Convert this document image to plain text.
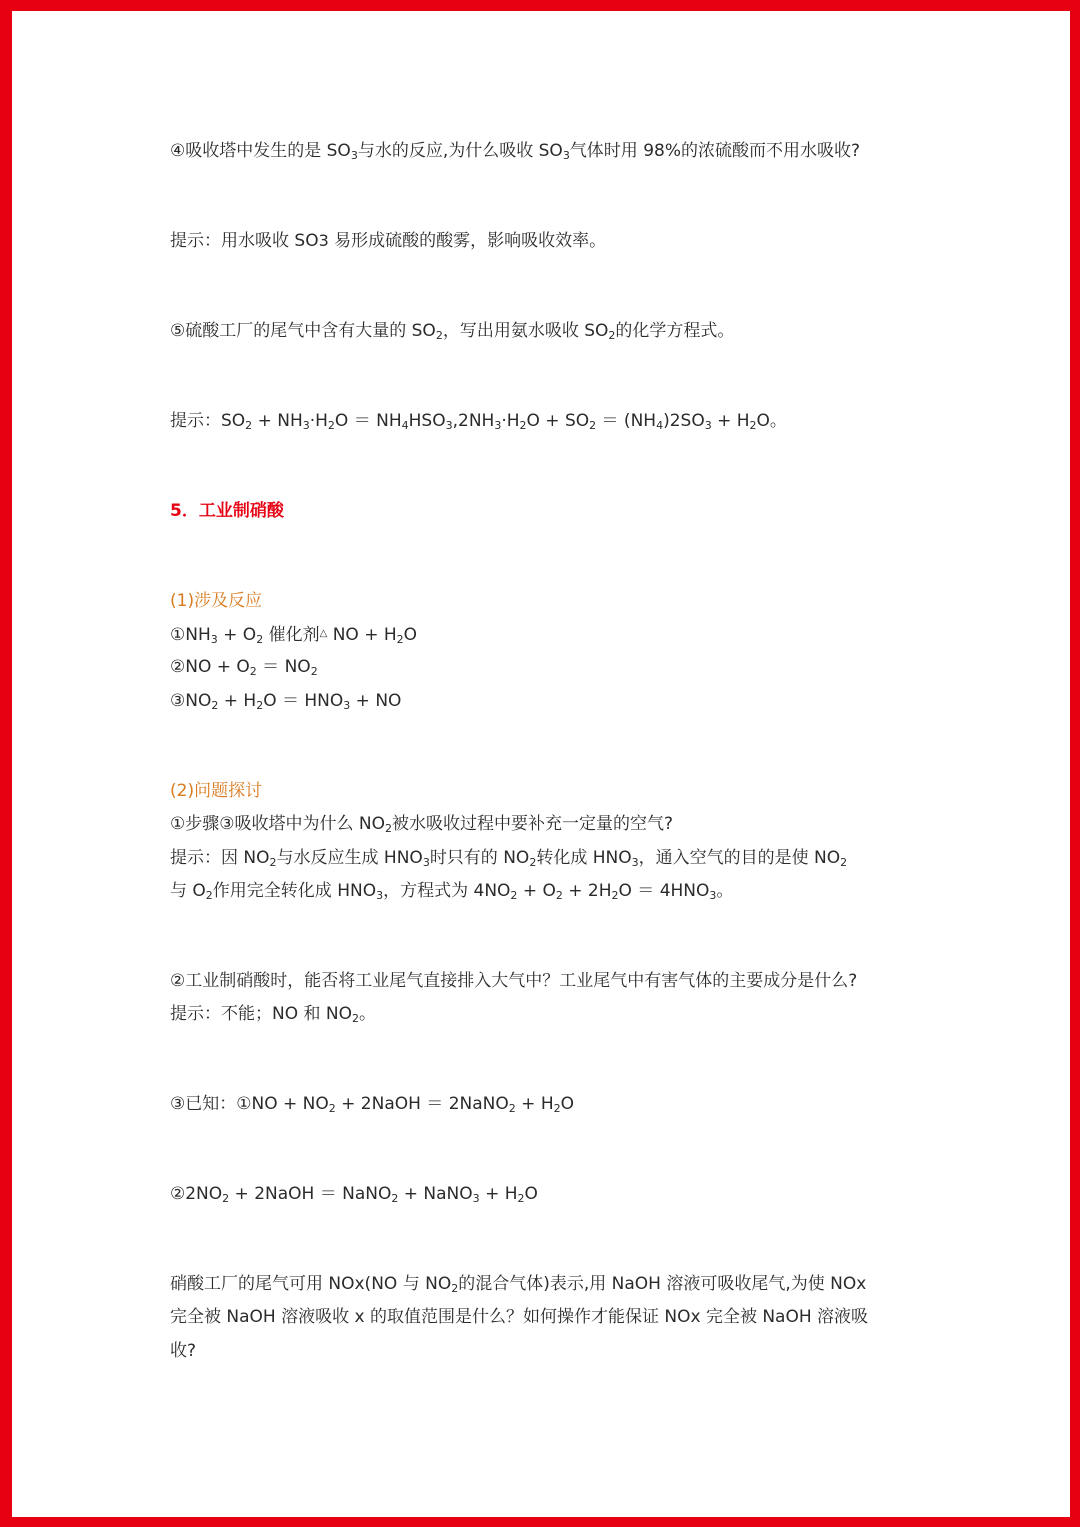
④吸收塔中发生的是 $SO_3$与水的反应,为什么吸收 $SO_3$气体时用 98%的浓硫酸而不用水吸收?
提示：用水吸收 SO3 易形成硫酸的酸雾，影响吸收效率。
⑤硫酸工厂的尾气中含有大量的 $SO_2$，写出用氨水吸收 $SO_2$的化学方程式。
提示：$SO_2 + NH_3\cdot H_2O = NH_4HSO_3,2NH_3\cdot H_2O + SO_2 = (NH_4)2SO_3 + H_2O$。
5．工业制硝酸
(1)涉及反应
$①NH_3 + O_2$ 催化剂△ NO + $H_2O$
②NO + $O_2 = NO_2$
$③NO_2 + H_2O = HNO_3$ + NO
(2)问题探讨
①步骤③吸收塔中为什么 $NO_2$被水吸收过程中要补充一定量的空气?
提示：因 $NO_2$与水反应生成 $HNO_3$时只有的 $NO_2$转化成 $HNO_3$，通入空气的目的是使 $NO_2$
与 $O_2$作用完全转化成 $HNO_3$，方程式为 $4NO_2 + O_2 + 2H_2O = 4HNO_3$。
②工业制硝酸时，能否将工业尾气直接排入大气中？工业尾气中有害气体的主要成分是什么?
提示：不能；NO 和 $NO_2$。
③已知：①NO + $NO_2$ + 2NaOH ＝ 2NaNO$_2$ + $H_2O$
$②2NO_2$ + 2NaOH ＝ NaNO$_2$ + NaNO$_3$ + $H_2O$
硝酸工厂的尾气可用 NOx(NO 与 $NO_2$的混合气体)表示,用 NaOH 溶液可吸收尾气,为使 NOx
完全被 NaOH 溶液吸收 x 的取值范围是什么？如何操作才能保证 NOx 完全被 NaOH 溶液吸
收?
